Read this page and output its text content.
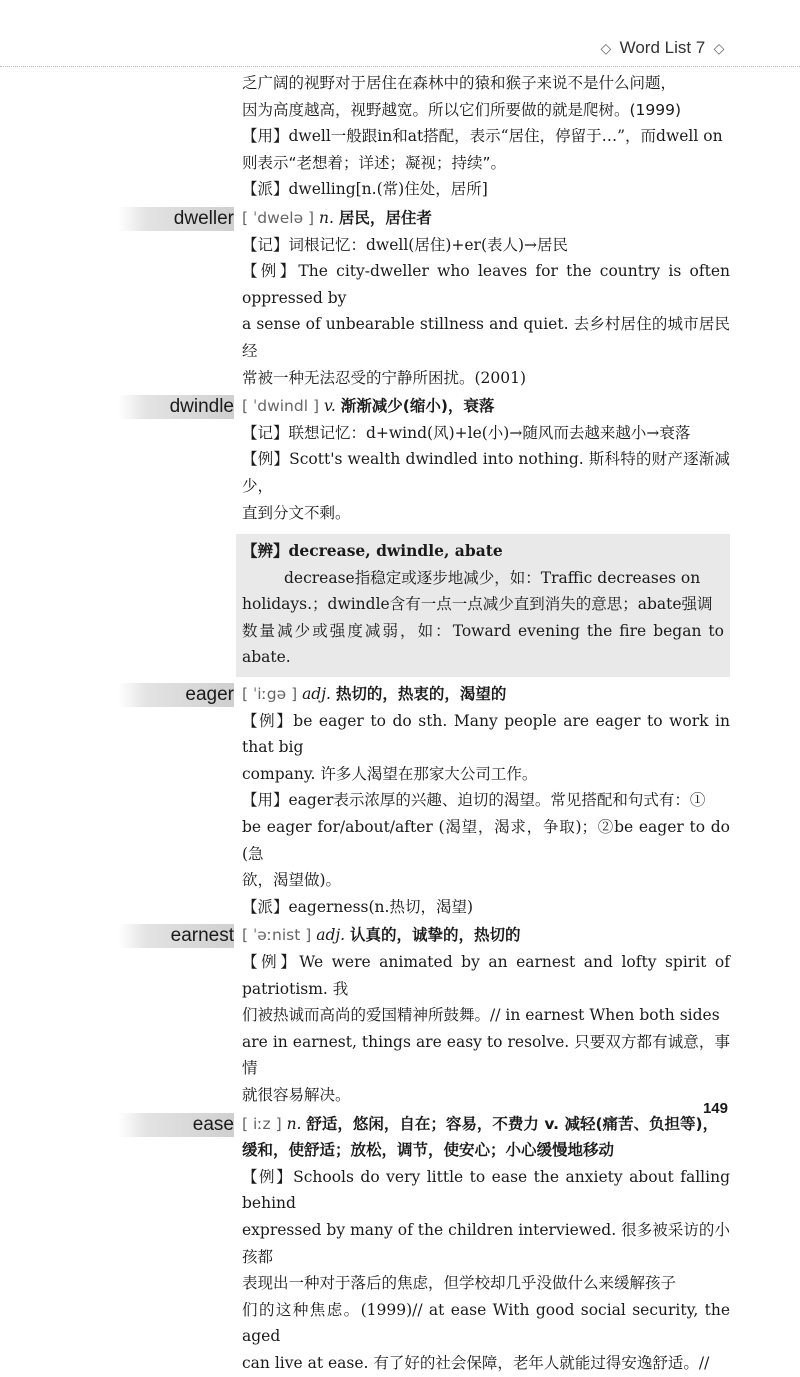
◇ Word List 7 ◇
乏广阔的视野对于居住在森林中的猿和猴子来说不是什么问题，
因为高度越高，视野越宽。所以它们所要做的就是爬树。(1999)
【用】dwell一般跟in和at搭配，表示“居住，停留于…”，而dwell on
则表示“老想着；详述；凝视；持续”。
【派】dwelling[n.(常)住处，居所]
dweller [ ˈdwelə ] n. 居民，居住者
【记】词根记忆：dwell(居住)+er(表人)→居民
【例】The city-dweller who leaves for the country is often oppressed by
a sense of unbearable stillness and quiet. 去乡村居住的城市居民经
常被一种无法忍受的宁静所困扰。(2001)
dwindle [ ˈdwindl ] v. 渐渐减少(缩小)，衰落
【记】联想记忆：d+wind(风)+le(小)→随风而去越来越小→衰落
【例】Scott's wealth dwindled into nothing. 斯科特的财产逐渐减少，
直到分文不剩。
【辨】decrease, dwindle, abate
decrease指稳定或逐步地减少，如：Traffic decreases on
holidays.；dwindle含有一点一点减少直到消失的意思；abate强调
数量减少或强度减弱，如：Toward evening the fire began to abate.
eager [ ˈiːgə ] adj. 热切的，热衷的，渴望的
【例】be eager to do sth. Many people are eager to work in that big
company. 许多人渴望在那家大公司工作。
【用】eager表示浓厚的兴趣、迫切的渴望。常见搭配和句式有：①
be eager for/about/after (渴望，渴求，争取)；②be eager to do (急
欲，渴望做)。
【派】eagerness(n.热切，渴望)
earnest [ ˈəːnist ] adj. 认真的，诚挚的，热切的
【例】We were animated by an earnest and lofty spirit of patriotism. 我
们被热诚而高尚的爱国精神所鼓舞。// in earnest When both sides
are in earnest, things are easy to resolve. 只要双方都有诚意，事情
就很容易解决。
ease [ iːz ] n. 舒适，悠闲，自在；容易，不费力 v. 减轻(痛苦、负担等)，
缓和，使舒适；放松，调节，使安心；小心缓慢地移动
【例】Schools do very little to ease the anxiety about falling behind
expressed by many of the children interviewed. 很多被采访的小孩都
表现出一种对于落后的焦虑，但学校却几乎没做什么来缓解孩子
们的这种焦虑。(1999)// at ease With good social security, the aged
can live at ease. 有了好的社会保障，老年人就能过得安逸舒适。//
149
